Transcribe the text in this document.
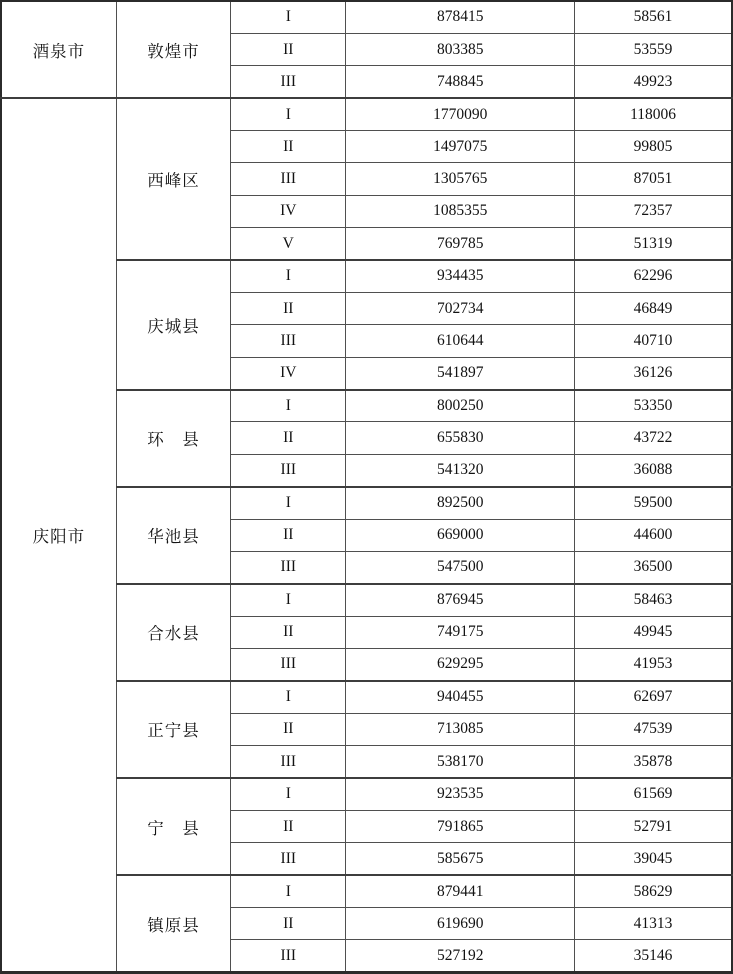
酒泉市	敦煌市	I	878415	58561
		II	803385	53559
		III	748845	49923
庆阳市	西峰区	I	1770090	118006
		II	1497075	99805
		III	1305765	87051
		IV	1085355	72357
		V	769785	51319
	庆城县	I	934435	62296
		II	702734	46849
		III	610644	40710
		IV	541897	36126
	环　县	I	800250	53350
		II	655830	43722
		III	541320	36088
	华池县	I	892500	59500
		II	669000	44600
		III	547500	36500
	合水县	I	876945	58463
		II	749175	49945
		III	629295	41953
	正宁县	I	940455	62697
		II	713085	47539
		III	538170	35878
	宁　县	I	923535	61569
		II	791865	52791
		III	585675	39045
	镇原县	I	879441	58629
		II	619690	41313
		III	527192	35146
